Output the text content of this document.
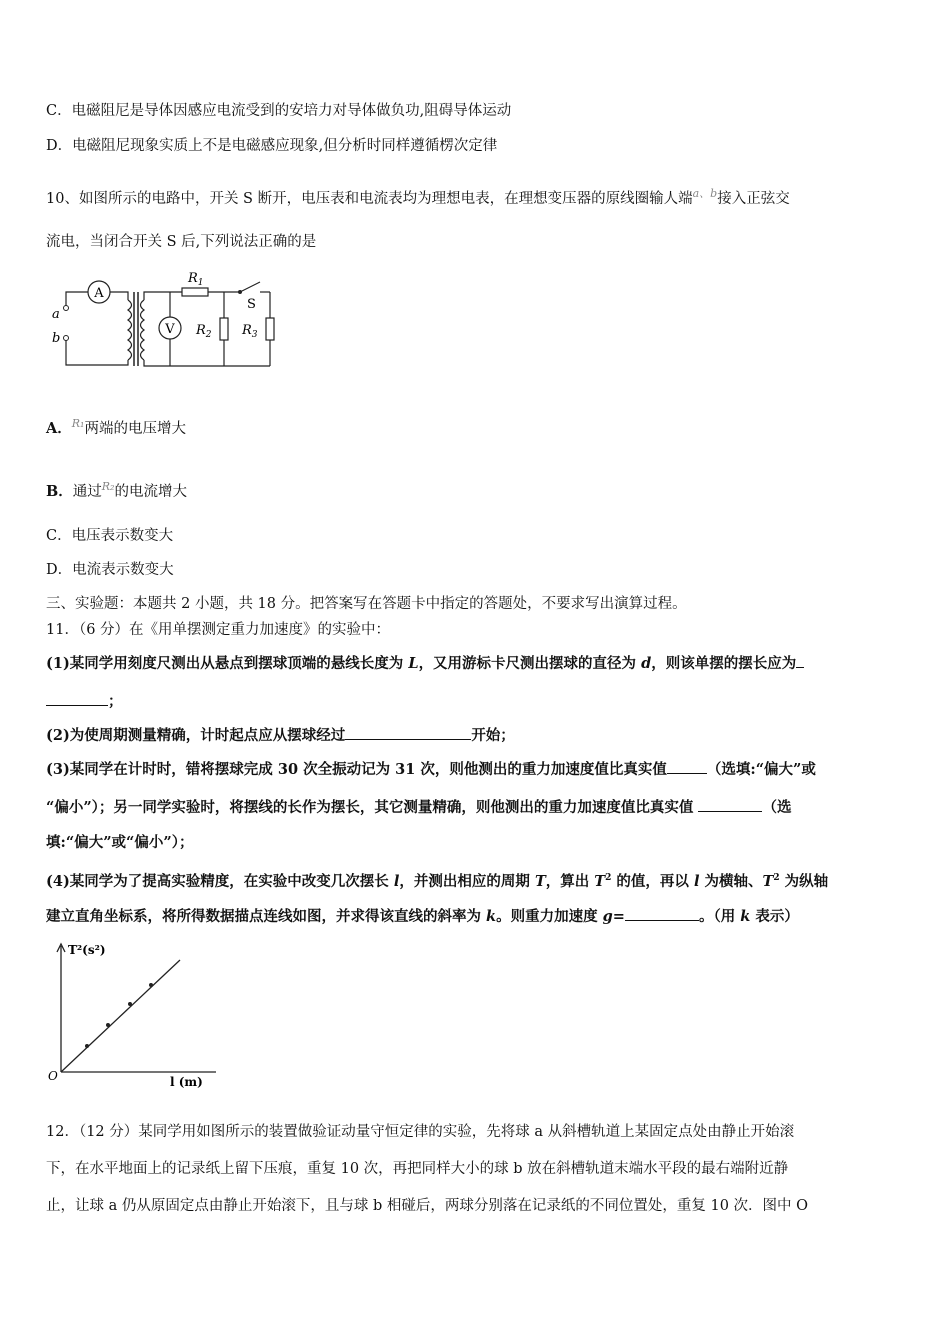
C．电磁阻尼是导体因感应电流受到的安培力对导体做负功,阻碍导体运动
D．电磁阻尼现象实质上不是电磁感应现象,但分析时同样遵循楞次定律
10、如图所示的电路中，开关 S 断开，电压表和电流表均为理想电表，在理想变压器的原线圈输人端$^{a、b}$接入正弦交
流电，当闭合开关 S 后,下列说法正确的是
A
V
$R_1$
$R_2$ $R_3$
S
a
b
A．$^{R_1}$两端的电压增大
B．通过$^{R_2}$的电流增大
C．电压表示数变大
D．电流表示数变大
三、实验题：本题共 2 小题，共 18 分。把答案写在答题卡中指定的答题处，不要求写出演算过程。
11．（6 分）在《用单摆测定重力加速度》的实验中：
(1)某同学用刻度尺测出从悬点到摆球顶端的悬线长度为 L，又用游标卡尺测出摆球的直径为 d，则该单摆的摆长应为
；
(2)为使周期测量精确，计时起点应从摆球经过	开始；
(3)某同学在计时时，错将摆球完成 30 次全振动记为 31 次，则他测出的重力加速度值比真实值	（选填:“偏大”或
“偏小”）；另一同学实验时，将摆线的长作为摆长，其它测量精确，则他测出的重力加速度值比真实值	（选
填:“偏大”或“偏小”）；
(4)某同学为了提高实验精度，在实验中改变几次摆长 l，并测出相应的周期 T，算出 $T^2$ 的值，再以 l 为横轴、$T^2$ 为纵轴
建立直角坐标系，将所得数据描点连线如图，并求得该直线的斜率为 k。则重力加速度 g=	。（用 k 表示）
T²(s²)
l (m)
O
12．（12 分）某同学用如图所示的装置做验证动量守恒定律的实验，先将球 a 从斜槽轨道上某固定点处由静止开始滚
下，在水平地面上的记录纸上留下压痕，重复 10 次，再把同样大小的球 b 放在斜槽轨道末端水平段的最右端附近静
止，让球 a 仍从原固定点由静止开始滚下，且与球 b 相碰后，两球分别落在记录纸的不同位置处，重复 10 次．图中 O
